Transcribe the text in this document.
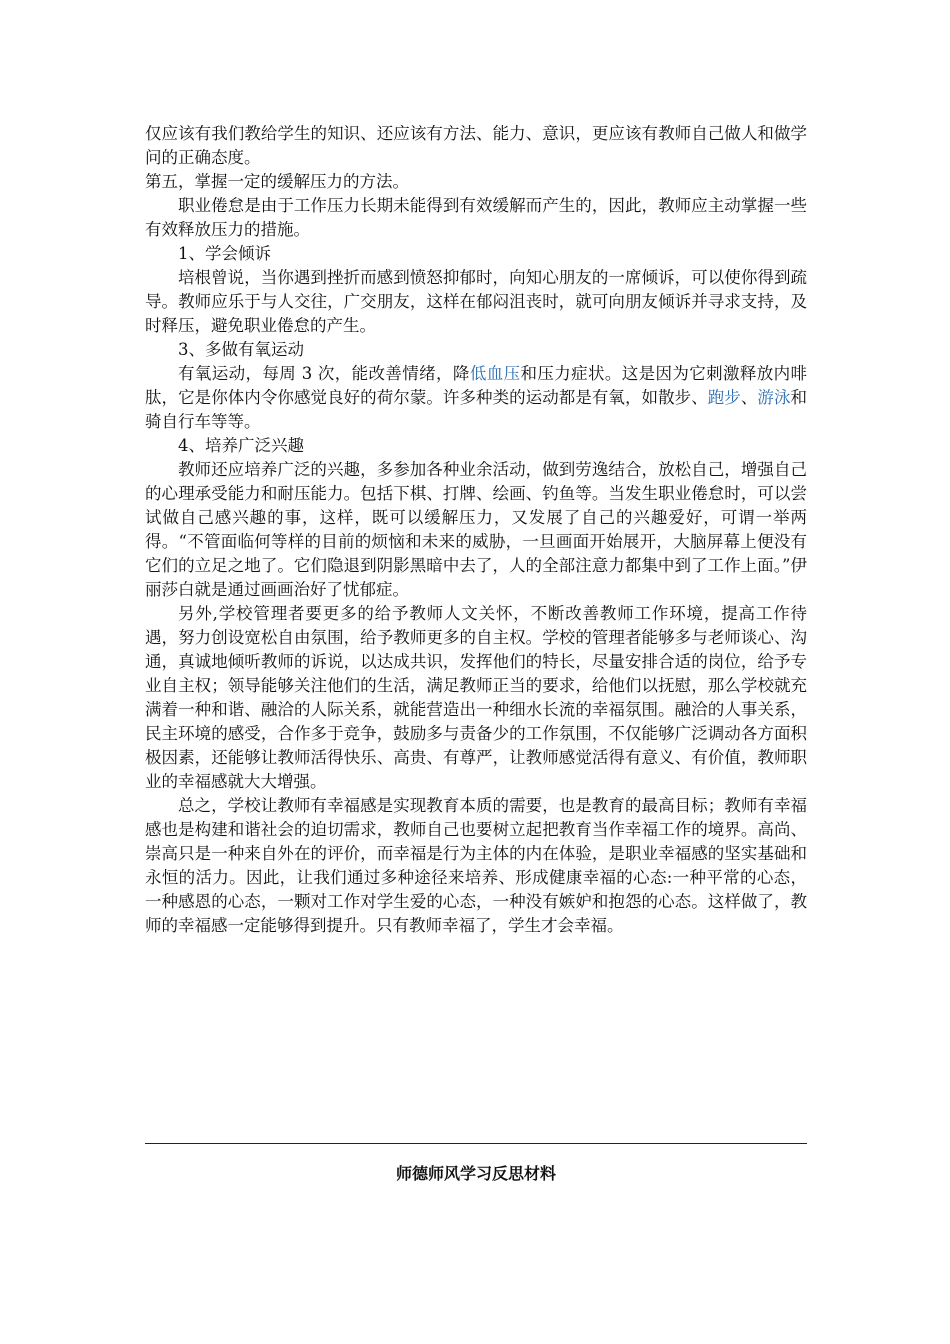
仅应该有我们教给学生的知识、还应该有方法、能力、意识，更应该有教师自己做人和做学问的正确态度。

第五，掌握一定的缓解压力的方法。

职业倦怠是由于工作压力长期未能得到有效缓解而产生的，因此，教师应主动掌握一些有效释放压力的措施。

1、学会倾诉

培根曾说，当你遇到挫折而感到愤怒抑郁时，向知心朋友的一席倾诉，可以使你得到疏导。教师应乐于与人交往，广交朋友，这样在郁闷沮丧时，就可向朋友倾诉并寻求支持，及时释压，避免职业倦怠的产生。

3、多做有氧运动

有氧运动，每周 3 次，能改善情绪，降低血压和压力症状。这是因为它刺激释放内啡肽，它是你体内令你感觉良好的荷尔蒙。许多种类的运动都是有氧，如散步、跑步、游泳和骑自行车等等。

4、培养广泛兴趣

教师还应培养广泛的兴趣，多参加各种业余活动，做到劳逸结合，放松自己，增强自己的心理承受能力和耐压能力。包括下棋、打牌、绘画、钓鱼等。当发生职业倦怠时，可以尝试做自己感兴趣的事，这样，既可以缓解压力，又发展了自己的兴趣爱好，可谓一举两得。“不管面临何等样的目前的烦恼和未来的威胁，一旦画面开始展开，大脑屏幕上便没有它们的立足之地了。它们隐退到阴影黑暗中去了，人的全部注意力都集中到了工作上面。”伊丽莎白就是通过画画治好了忧郁症。

另外,学校管理者要更多的给予教师人文关怀，不断改善教师工作环境，提高工作待遇，努力创设宽松自由氛围，给予教师更多的自主权。学校的管理者能够多与老师谈心、沟通，真诚地倾听教师的诉说，以达成共识，发挥他们的特长，尽量安排合适的岗位，给予专业自主权；领导能够关注他们的生活，满足教师正当的要求，给他们以抚慰，那么学校就充满着一种和谐、融洽的人际关系，就能营造出一种细水长流的幸福氛围。融洽的人事关系，民主环境的感受，合作多于竞争，鼓励多与责备少的工作氛围，不仅能够广泛调动各方面积极因素，还能够让教师活得快乐、高贵、有尊严，让教师感觉活得有意义、有价值，教师职业的幸福感就大大增强。

总之，学校让教师有幸福感是实现教育本质的需要，也是教育的最高目标；教师有幸福感也是构建和谐社会的迫切需求，教师自己也要树立起把教育当作幸福工作的境界。高尚、崇高只是一种来自外在的评价，而幸福是行为主体的内在体验，是职业幸福感的坚实基础和永恒的活力。因此，让我们通过多种途径来培养、形成健康幸福的心态:一种平常的心态，一种感恩的心态，一颗对工作对学生爱的心态，一种没有嫉妒和抱怨的心态。这样做了，教师的幸福感一定能够得到提升。只有教师幸福了，学生才会幸福。

师德师风学习反思材料
